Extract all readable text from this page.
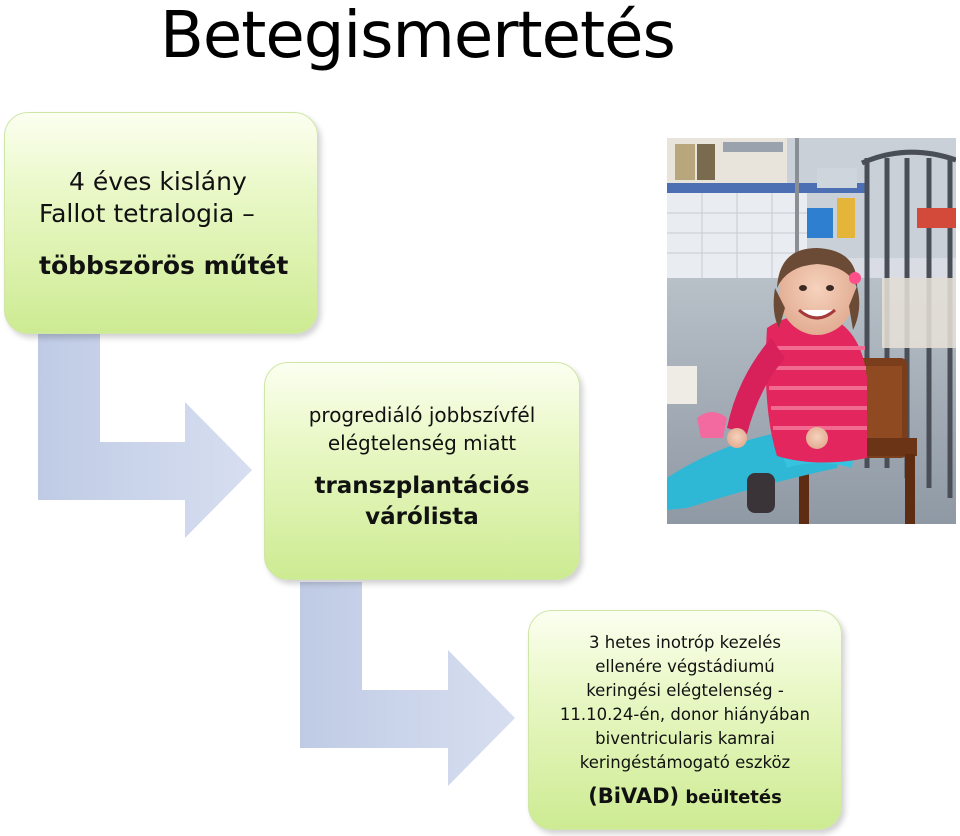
Betegismertetés
4 éves kislány
Fallot tetralogia –
többszörös műtét
progrediáló jobbszívfél
elégtelenség miatt
transzplantációs
várólista
3 hetes inotróp kezelés
ellenére végstádiumú
keringési elégtelenség -
11.10.24-én, donor hiányában
biventricularis kamrai
keringéstámogató eszköz
(BiVAD) beültetés
